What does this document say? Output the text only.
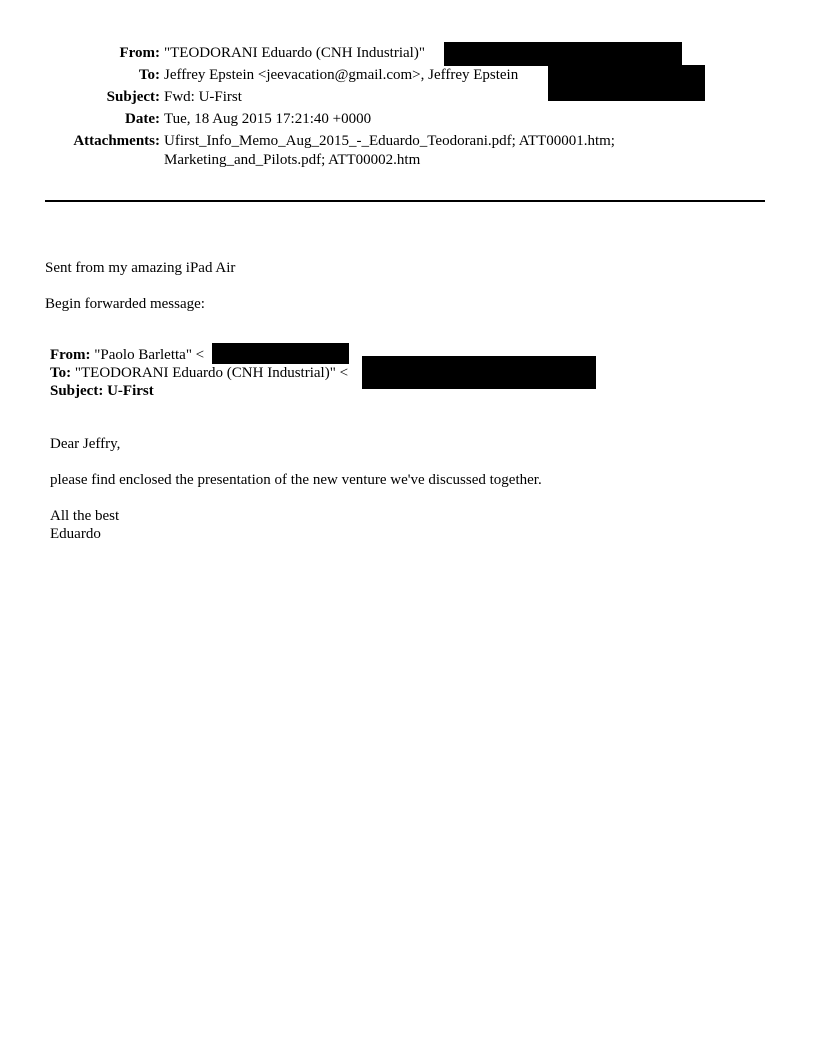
From: "TEODORANI Eduardo (CNH Industrial)"
To: Jeffrey Epstein <jeevacation@gmail.com>, Jeffrey Epstein
Subject: Fwd: U-First
Date: Tue, 18 Aug 2015 17:21:40 +0000
Attachments: Ufirst_Info_Memo_Aug_2015_-_Eduardo_Teodorani.pdf; ATT00001.htm; Marketing_and_Pilots.pdf; ATT00002.htm
Sent from my amazing iPad Air
Begin forwarded message:
From: "Paolo Barletta" <
To: "TEODORANI Eduardo (CNH Industrial)" <
Subject: U-First
Dear Jeffry,
please find enclosed the presentation of the new venture we've discussed together.
All the best
Eduardo
